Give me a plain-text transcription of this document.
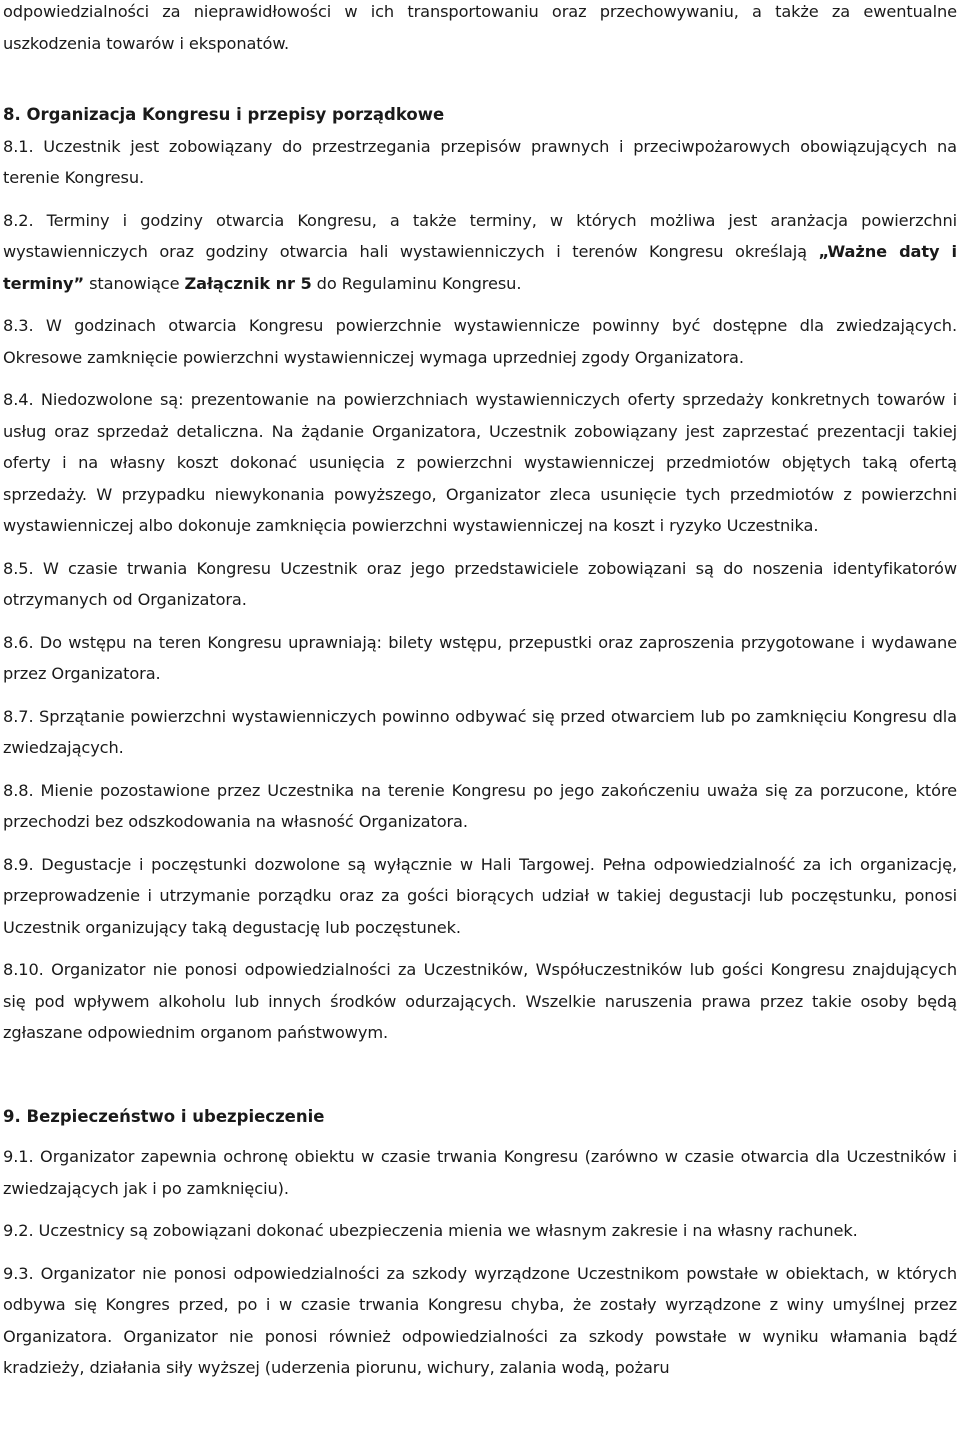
odpowiedzialności za nieprawidłowości w ich transportowaniu oraz przechowywaniu, a także za ewentualne uszkodzenia towarów i eksponatów.

8. Organizacja Kongresu i przepisy porządkowe

8.1. Uczestnik jest zobowiązany do przestrzegania przepisów prawnych i przeciwpożarowych obowiązujących na terenie Kongresu.

8.2. Terminy i godziny otwarcia Kongresu, a także terminy, w których możliwa jest aranżacja powierzchni wystawienniczych oraz godziny otwarcia hali wystawienniczych i terenów Kongresu określają „Ważne daty i terminy” stanowiące Załącznik nr 5 do Regulaminu Kongresu.

8.3. W godzinach otwarcia Kongresu powierzchnie wystawiennicze powinny być dostępne dla zwiedzających. Okresowe zamknięcie powierzchni wystawienniczej wymaga uprzedniej zgody Organizatora.

8.4. Niedozwolone są: prezentowanie na powierzchniach wystawienniczych oferty sprzedaży konkretnych towarów i usług oraz sprzedaż detaliczna. Na żądanie Organizatora, Uczestnik zobowiązany jest zaprzestać prezentacji takiej oferty i na własny koszt dokonać usunięcia z powierzchni wystawienniczej przedmiotów objętych taką ofertą sprzedaży. W przypadku niewykonania powyższego, Organizator zleca usunięcie tych przedmiotów z powierzchni wystawienniczej albo dokonuje zamknięcia powierzchni wystawienniczej na koszt i ryzyko Uczestnika.

8.5. W czasie trwania Kongresu Uczestnik oraz jego przedstawiciele zobowiązani są do noszenia identyfikatorów otrzymanych od Organizatora.

8.6. Do wstępu na teren Kongresu uprawniają: bilety wstępu, przepustki oraz zaproszenia przygotowane i wydawane przez Organizatora.

8.7. Sprzątanie powierzchni wystawienniczych powinno odbywać się przed otwarciem lub po zamknięciu Kongresu dla zwiedzających.

8.8. Mienie pozostawione przez Uczestnika na terenie Kongresu po jego zakończeniu uważa się za porzucone, które przechodzi bez odszkodowania na własność Organizatora.

8.9. Degustacje i poczęstunki dozwolone są wyłącznie w Hali Targowej. Pełna odpowiedzialność za ich organizację, przeprowadzenie i utrzymanie porządku oraz za gości biorących udział w takiej degustacji lub poczęstunku, ponosi Uczestnik organizujący taką degustację lub poczęstunek.

8.10. Organizator nie ponosi odpowiedzialności za Uczestników, Współuczestników lub gości Kongresu znajdujących się pod wpływem alkoholu lub innych środków odurzających. Wszelkie naruszenia prawa przez takie osoby będą zgłaszane odpowiednim organom państwowym.

9. Bezpieczeństwo i ubezpieczenie

9.1. Organizator zapewnia ochronę obiektu w czasie trwania Kongresu (zarówno w czasie otwarcia dla Uczestników i zwiedzających jak i po zamknięciu).

9.2. Uczestnicy są zobowiązani dokonać ubezpieczenia mienia we własnym zakresie i na własny rachunek.

9.3. Organizator nie ponosi odpowiedzialności za szkody wyrządzone Uczestnikom powstałe w obiektach, w których odbywa się Kongres przed, po i w czasie trwania Kongresu chyba, że zostały wyrządzone z winy umyślnej przez Organizatora. Organizator nie ponosi również odpowiedzialności za szkody powstałe w wyniku włamania bądź kradzieży, działania siły wyższej (uderzenia piorunu, wichury, zalania wodą, pożaru
